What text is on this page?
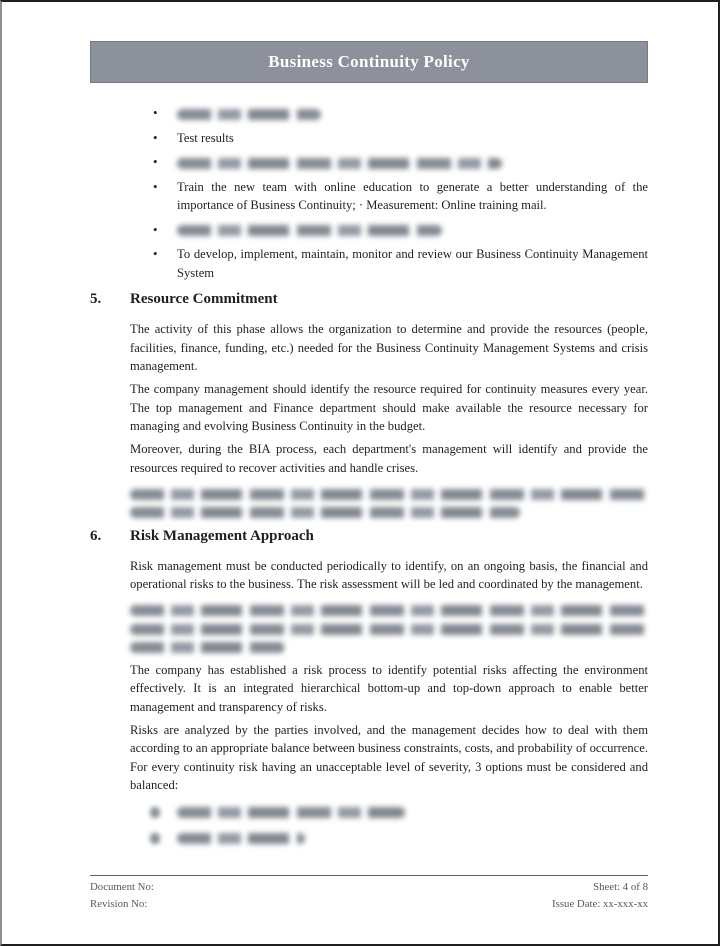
Business Continuity Policy
•
• Test results
•
• Train the new team with online education to generate a better understanding of the importance of Business Continuity; · Measurement: Online training mail.
•
• To develop, implement, maintain, monitor and review our Business Continuity Management System
5.	Resource Commitment

The activity of this phase allows the organization to determine and provide the resources (people, facilities, finance, funding, etc.) needed for the Business Continuity Management Systems and crisis management.

The company management should identify the resource required for continuity measures every year. The top management and Finance department should make available the resource necessary for managing and evolving Business Continuity in the budget.

Moreover, during the BIA process, each department's management will identify and provide the resources required to recover activities and handle crises.

6.	Risk Management Approach

Risk management must be conducted periodically to identify, on an ongoing basis, the financial and operational risks to the business. The risk assessment will be led and coordinated by the management.

The company has established a risk process to identify potential risks affecting the environment effectively. It is an integrated hierarchical bottom-up and top-down approach to enable better management and transparency of risks.

Risks are analyzed by the parties involved, and the management decides how to deal with them according to an appropriate balance between business constraints, costs, and probability of occurrence. For every continuity risk having an unacceptable level of severity, 3 options must be considered and balanced:

Document No:
Revision No:
Sheet: 4 of 8
Issue Date: xx-xxx-xx
